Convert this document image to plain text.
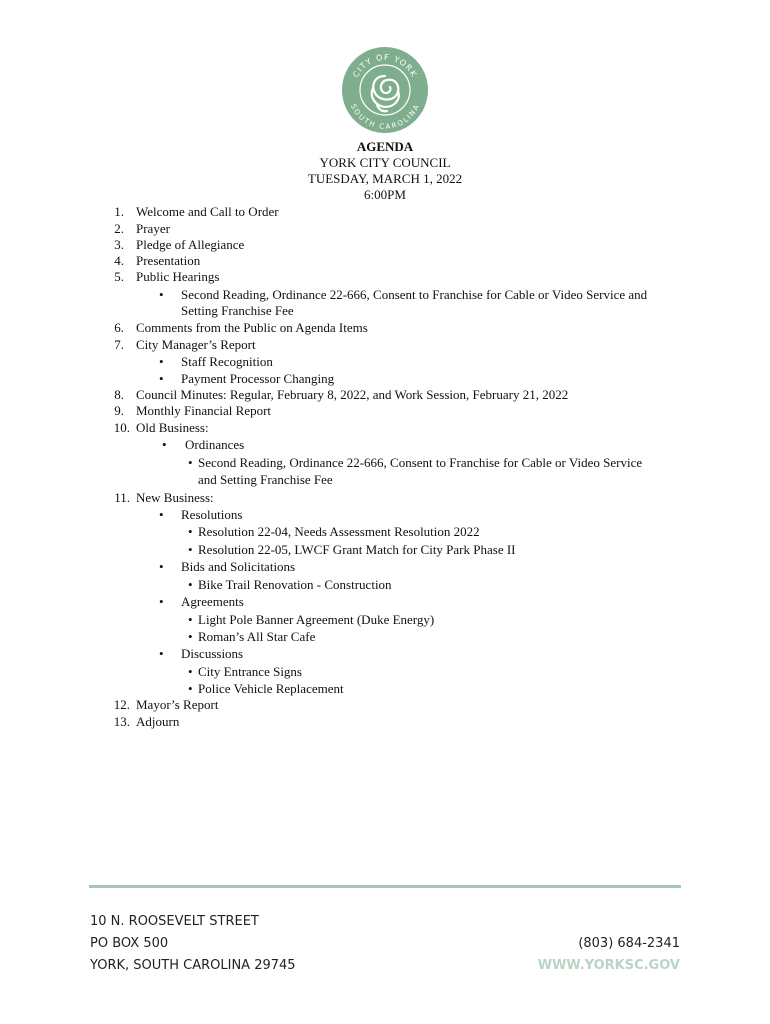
CITY OF YORK
SOUTH CAROLINA
AGENDA
YORK CITY COUNCIL
TUESDAY, MARCH 1, 2022
6:00PM
1. Welcome and Call to Order
2. Prayer
3. Pledge of Allegiance
4. Presentation
5. Public Hearings
• Second Reading, Ordinance 22-666, Consent to Franchise for Cable or Video Service and
Setting Franchise Fee
6. Comments from the Public on Agenda Items
7. City Manager’s Report
• Staff Recognition
• Payment Processor Changing
8. Council Minutes: Regular, February 8, 2022, and Work Session, February 21, 2022
9. Monthly Financial Report
10. Old Business:
• Ordinances
• Second Reading, Ordinance 22-666, Consent to Franchise for Cable or Video Service
and Setting Franchise Fee
11. New Business:
• Resolutions
• Resolution 22-04, Needs Assessment Resolution 2022
• Resolution 22-05, LWCF Grant Match for City Park Phase II
• Bids and Solicitations
• Bike Trail Renovation - Construction
• Agreements
• Light Pole Banner Agreement (Duke Energy)
• Roman’s All Star Cafe
• Discussions
• City Entrance Signs
• Police Vehicle Replacement
12. Mayor’s Report
13. Adjourn
10 N. ROOSEVELT STREET
PO BOX 500
YORK, SOUTH CAROLINA 29745
(803) 684-2341
WWW.YORKSC.GOV
